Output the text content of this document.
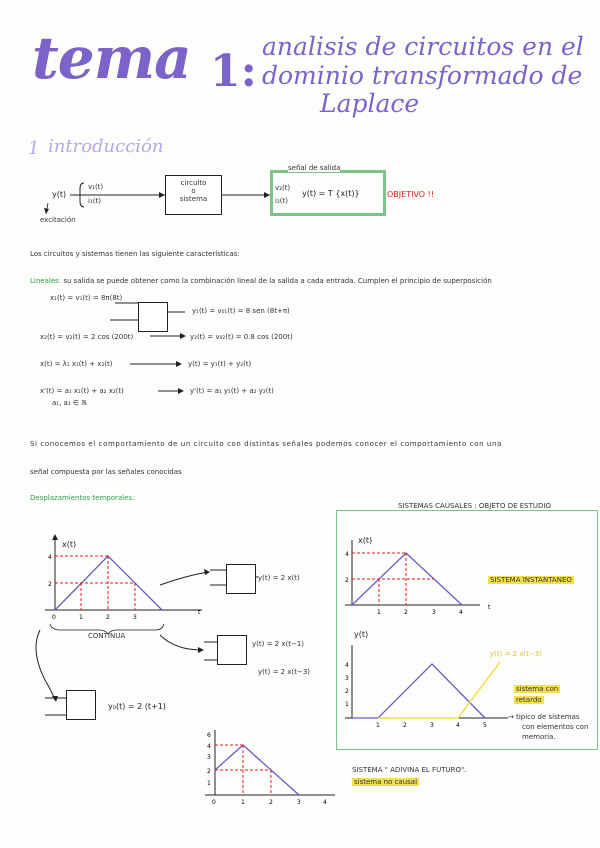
tema 1: analisis de circuitos en el
dominio transformado de
Laplace
1 introducción
y(t)
v₁(t)
i₁(t)
excitación
circuito
o
sistema
señal de salida
v₂(t)
i₂(t)
y(t) = T {x(t)}	OBJETIVO !!
Los circuitos y sistemas tienen las siguiente características:
Lineales: su salida se puede obtener como la combinación lineal de la salida a cada entrada. Cumplen el principio de superposición
x₁(t) = v₁(t) = 8π(8t)
y₁(t) = v₀₁(t) = 8 sen (8t+π)
x₂(t) = v₂(t) = 2 cos (200t)	y₂(t) = v₀₂(t) = 0.8 cos (200t)
x(t) = λ₁ x₁(t) + x₂(t)	y(t) = y₁(t) + y₂(t)
x'(t) = a₁ x₁(t) + a₂ x₂(t)	y'(t) = a₁ y₁(t) + a₂ y₂(t)
a₁, a₂ ∈ ℝ
Si conocemos el comportamiento de un circuito con distintas señales podemos conocer el comportamiento con una
señal compuesta por las señales conocidas
Desplazamientos temporales:
4
2
0	1	2	3
t
x(t)
CONTINUA
y(t) = 2 x(t)
y(t) = 2 x(t−1)
y(t) = 2 x(t−3)
y₀(t) = 2 (t+1)
6
4
3
2
1
0	1	2	3	4
SISTEMAS CAUSALES : OBJETO DE ESTUDIO
4
2
1	2	3	4
t
x(t)
SISTEMA INSTANTANEO
4
3
2
1
1	2	3	4	5
y(t)
y(t) = 2 x(t−3)
sistema con
retardo
→ tipico de sistemas
con elementos con
memoria.
SISTEMA " ADIVINA EL FUTURO".
sistema no causal
